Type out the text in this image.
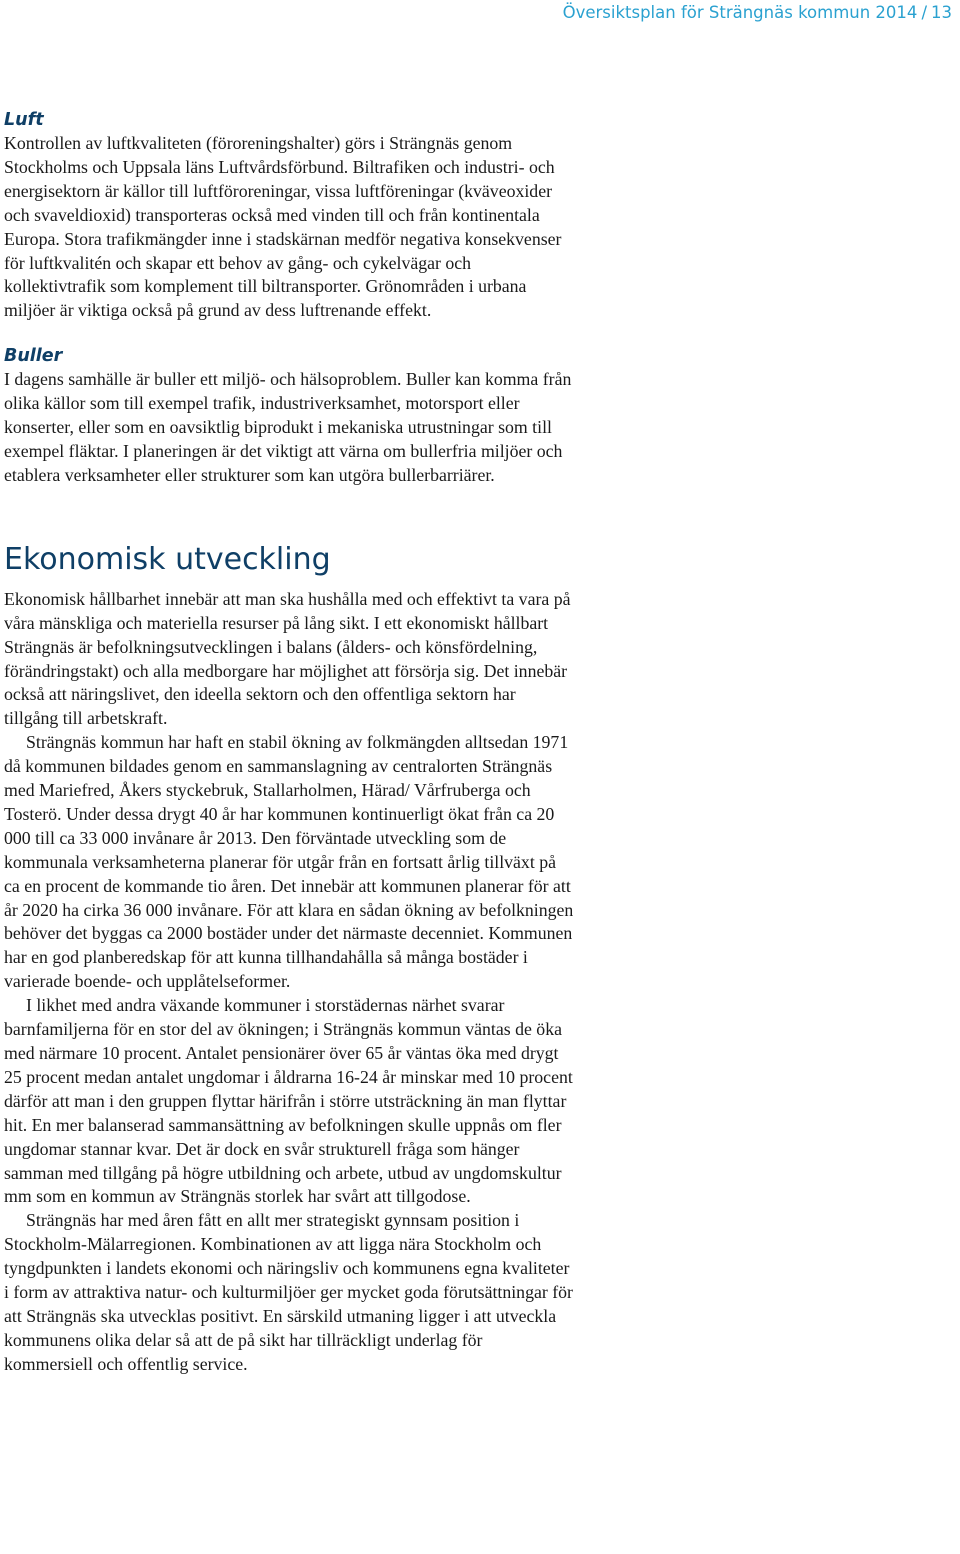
Översiktsplan för Strängnäs kommun 2014 / 13
Luft

Kontrollen av luftkvaliteten (föroreningshalter) görs i Strängnäs genom Stockholms och Uppsala läns Luftvårdsförbund. Biltrafiken och industri- och energisektorn är källor till luftföroreningar, vissa luftföreningar (kväveoxider och svaveldioxid) transporteras också med vinden till och från kontinentala Europa. Stora trafikmängder inne i stadskärnan medför negativa konsekvenser för luftkvalitén och skapar ett behov av gång- och cykelvägar och kollektivtrafik som komplement till biltransporter. Grönområden i urbana miljöer är viktiga också på grund av dess luftrenande effekt.

Buller

I dagens samhälle är buller ett miljö- och hälsoproblem. Buller kan komma från olika källor som till exempel trafik, industriverksamhet, motorsport eller konserter, eller som en oavsiktlig biprodukt i mekaniska utrustningar som till exempel fläktar. I planeringen är det viktigt att värna om bullerfria miljöer och etablera verksamheter eller strukturer som kan utgöra bullerbarriärer.

Ekonomisk utveckling

Ekonomisk hållbarhet innebär att man ska hushålla med och effektivt ta vara på våra mänskliga och materiella resurser på lång sikt. I ett ekonomiskt hållbart Strängnäs är befolkningsutvecklingen i balans (ålders- och könsfördelning, förändringstakt) och alla medborgare har möjlighet att försörja sig. Det innebär också att näringslivet, den ideella sektorn och den offentliga sektorn har tillgång till arbetskraft.

Strängnäs kommun har haft en stabil ökning av folkmängden alltsedan 1971 då kommunen bildades genom en sammanslagning av centralorten Strängnäs med Mariefred, Åkers styckebruk, Stallarholmen, Härad/ Vårfruberga och Tosterö. Under dessa drygt 40 år har kommunen kontinuerligt ökat från ca 20 000 till ca 33 000 invånare år 2013. Den förväntade utveckling som de kommunala verksamheterna planerar för utgår från en fortsatt årlig tillväxt på ca en procent de kommande tio åren. Det innebär att kommunen planerar för att år 2020 ha cirka 36 000 invånare. För att klara en sådan ökning av befolkningen behöver det byggas ca 2000 bostäder under det närmaste decenniet. Kommunen har en god planberedskap för att kunna tillhandahålla så många bostäder i varierade boende- och upplåtelseformer.

I likhet med andra växande kommuner i storstädernas närhet svarar barnfamiljerna för en stor del av ökningen; i Strängnäs kommun väntas de öka med närmare 10 procent. Antalet pensionärer över 65 år väntas öka med drygt 25 procent medan antalet ungdomar i åldrarna 16-24 år minskar med 10 procent därför att man i den gruppen flyttar härifrån i större utsträckning än man flyttar hit. En mer balanserad sammansättning av befolkningen skulle uppnås om fler ungdomar stannar kvar. Det är dock en svår strukturell fråga som hänger samman med tillgång på högre utbildning och arbete, utbud av ungdomskultur mm som en kommun av Strängnäs storlek har svårt att tillgodose.

Strängnäs har med åren fått en allt mer strategiskt gynnsam position i Stockholm-Mälarregionen. Kombinationen av att ligga nära Stockholm och tyngdpunkten i landets ekonomi och näringsliv och kommunens egna kvaliteter i form av attraktiva natur- och kulturmiljöer ger mycket goda förutsättningar för att Strängnäs ska utvecklas positivt. En särskild utmaning ligger i att utveckla kommunens olika delar så att de på sikt har tillräckligt underlag för kommersiell och offentlig service.
